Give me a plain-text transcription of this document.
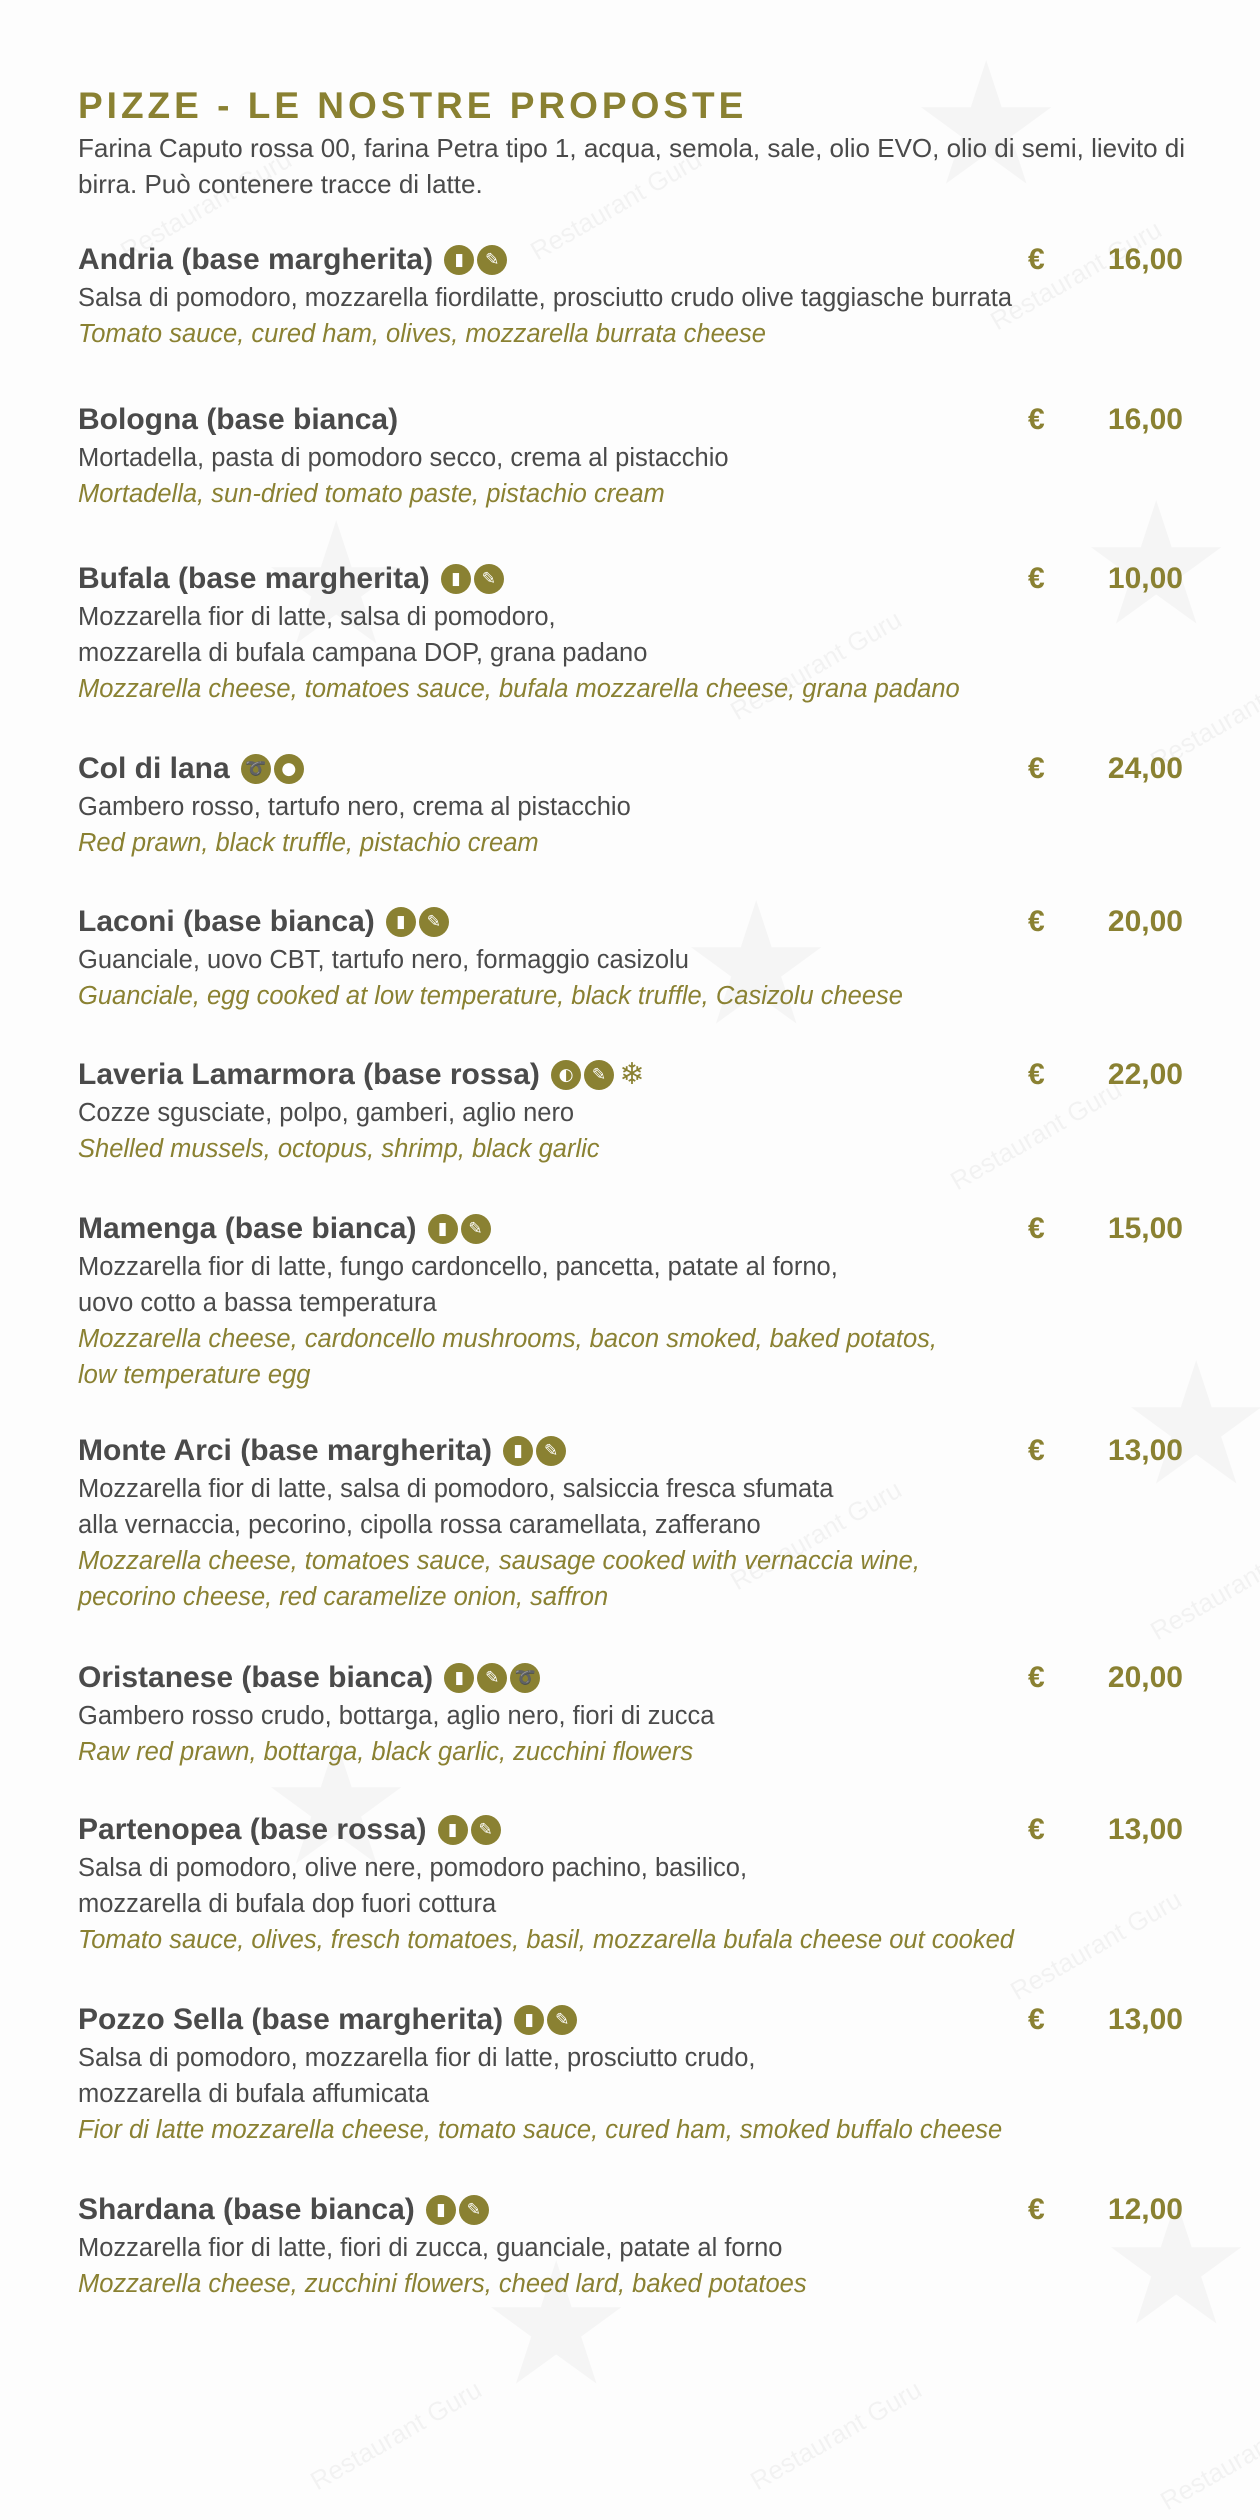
PIZZE - LE NOSTRE PROPOSTE
Farina Caputo rossa 00, farina Petra tipo 1, acqua, semola, sale, olio EVO, olio di semi, lievito di birra. Può contenere tracce di latte.
Andria (base margherita) ▮ ✎	€ 16,00
Salsa di pomodoro, mozzarella fiordilatte, prosciutto crudo olive taggiasche burrata
Tomato sauce, cured ham, olives, mozzarella burrata cheese
Bologna (base bianca)	€ 16,00
Mortadella, pasta di pomodoro secco, crema al pistacchio
Mortadella, sun-dried tomato paste, pistachio cream
Bufala (base margherita) ▮ ✎	€ 10,00
Mozzarella fior di latte, salsa di pomodoro,
mozzarella di bufala campana DOP, grana padano
Mozzarella cheese, tomatoes sauce, bufala mozzarella cheese, grana padano
Col di lana ➰ ●	€ 24,00
Gambero rosso, tartufo nero, crema al pistacchio
Red prawn, black truffle, pistachio cream
Laconi (base bianca) ▮ ✎	€ 20,00
Guanciale, uovo CBT, tartufo nero, formaggio casizolu
Guanciale, egg cooked at low temperature, black truffle, Casizolu cheese
Laveria Lamarmora (base rossa) ◐ ✎ ❄	€ 22,00
Cozze sgusciate, polpo, gamberi, aglio nero
Shelled mussels, octopus, shrimp, black garlic
Mamenga (base bianca) ▮ ✎	€ 15,00
Mozzarella fior di latte, fungo cardoncello, pancetta, patate al forno,
uovo cotto a bassa temperatura
Mozzarella cheese, cardoncello mushrooms, bacon smoked, baked potatos,
low temperature egg
Monte Arci (base margherita) ▮ ✎	€ 13,00
Mozzarella fior di latte, salsa di pomodoro, salsiccia fresca sfumata
alla vernaccia, pecorino, cipolla rossa caramellata, zafferano
Mozzarella cheese, tomatoes sauce, sausage cooked with vernaccia wine,
pecorino cheese, red caramelize onion, saffron
Oristanese (base bianca) ▮ ✎ ➰	€ 20,00
Gambero rosso crudo, bottarga, aglio nero, fiori di zucca
Raw red prawn, bottarga, black garlic, zucchini flowers
Partenopea (base rossa) ▮ ✎	€ 13,00
Salsa di pomodoro, olive nere, pomodoro pachino, basilico,
mozzarella di bufala dop fuori cottura
Tomato sauce, olives, fresch tomatoes, basil, mozzarella bufala cheese out cooked
Pozzo Sella (base margherita) ▮ ✎	€ 13,00
Salsa di pomodoro, mozzarella fior di latte, prosciutto crudo,
mozzarella di bufala affumicata
Fior di latte mozzarella cheese, tomato sauce, cured ham, smoked buffalo cheese
Shardana (base bianca) ▮ ✎	€ 12,00
Mozzarella fior di latte, fiori di zucca, guanciale, patate al forno
Mozzarella cheese, zucchini flowers, cheed lard, baked potatoes
